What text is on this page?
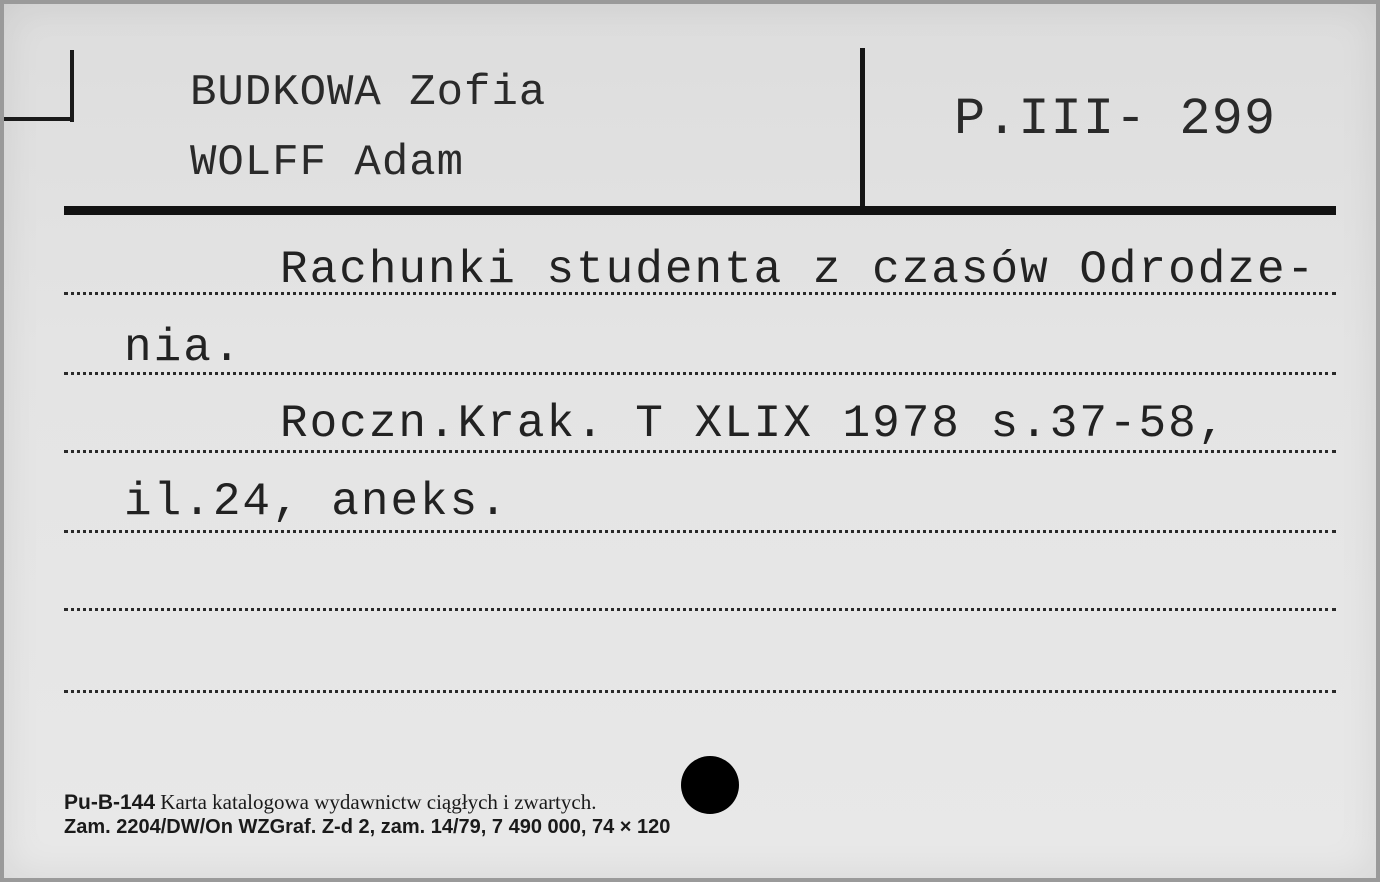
BUDKOWA Zofia
WOLFF Adam
P.III- 299
Rachunki studenta z czasów Odrodze-
nia.
Roczn.Krak. T XLIX 1978 s.37-58,
il.24, aneks.
Pu-B-144 Karta katalogowa wydawnictw ciągłych i zwartych.
Zam. 2204/DW/On WZGraf. Z-d 2, zam. 14/79, 7 490 000, 74 × 120
